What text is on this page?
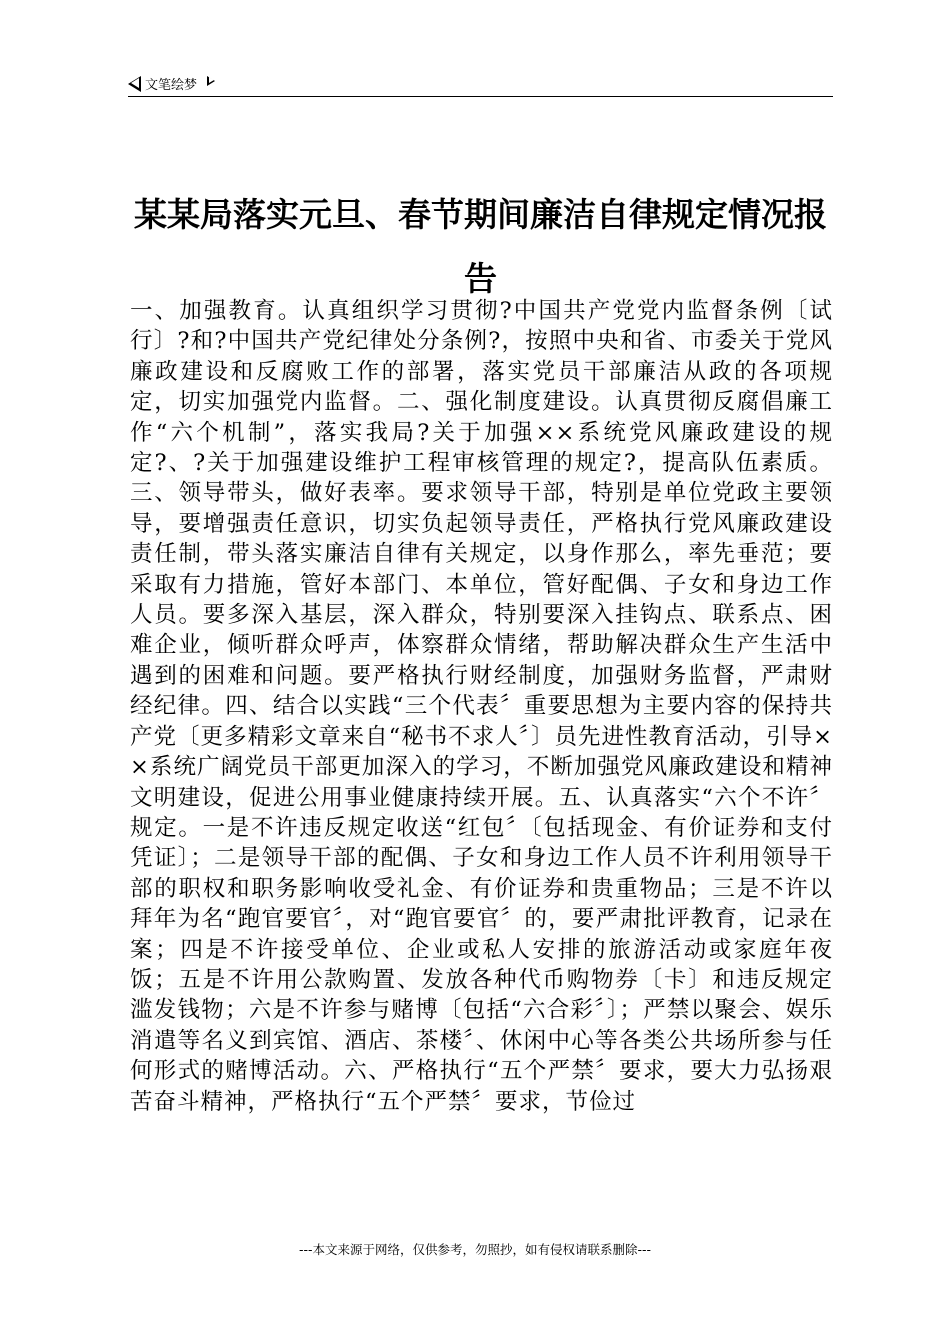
文笔绘梦
某某局落实元旦、春节期间廉洁自律规定情况报告
一、加强教育。认真组织学习贯彻?中国共产党党内监督条例〔试行〕?和?中国共产党纪律处分条例?，按照中央和省、市委关于党风廉政建设和反腐败工作的部署，落实党员干部廉洁从政的各项规定，切实加强党内监督。二、强化制度建设。认真贯彻反腐倡廉工作“六个机制”，落实我局?关于加强××系统党风廉政建设的规定?、?关于加强建设维护工程审核管理的规定?，提高队伍素质。三、领导带头，做好表率。要求领导干部，特别是单位党政主要领导，要增强责任意识，切实负起领导责任，严格执行党风廉政建设责任制，带头落实廉洁自律有关规定，以身作那么，率先垂范；要采取有力措施，管好本部门、本单位，管好配偶、子女和身边工作人员。要多深入基层，深入群众，特别要深入挂钩点、联系点、困难企业，倾听群众呼声，体察群众情绪，帮助解决群众生产生活中遇到的困难和问题。要严格执行财经制度，加强财务监督，严肃财经纪律。四、结合以实践“三个代表〞重要思想为主要内容的保持共产党〔更多精彩文章来自“秘书不求人〞〕员先进性教育活动，引导××系统广阔党员干部更加深入的学习，不断加强党风廉政建设和精神文明建设，促进公用事业健康持续开展。五、认真落实“六个不许〞规定。一是不许违反规定收送“红包〞〔包括现金、有价证券和支付凭证〕；二是领导干部的配偶、子女和身边工作人员不许利用领导干部的职权和职务影响收受礼金、有价证券和贵重物品；三是不许以拜年为名“跑官要官〞，对“跑官要官〞的，要严肃批评教育，记录在案；四是不许接受单位、企业或私人安排的旅游活动或家庭年夜饭；五是不许用公款购置、发放各种代币购物券〔卡〕和违反规定滥发钱物；六是不许参与赌博〔包括“六合彩〞〕；严禁以聚会、娱乐消遣等名义到宾馆、酒店、茶楼〞、休闲中心等各类公共场所参与任何形式的赌博活动。六、严格执行“五个严禁〞要求，要大力弘扬艰苦奋斗精神，严格执行“五个严禁〞要求，节俭过
---本文来源于网络，仅供参考，勿照抄，如有侵权请联系删除---
